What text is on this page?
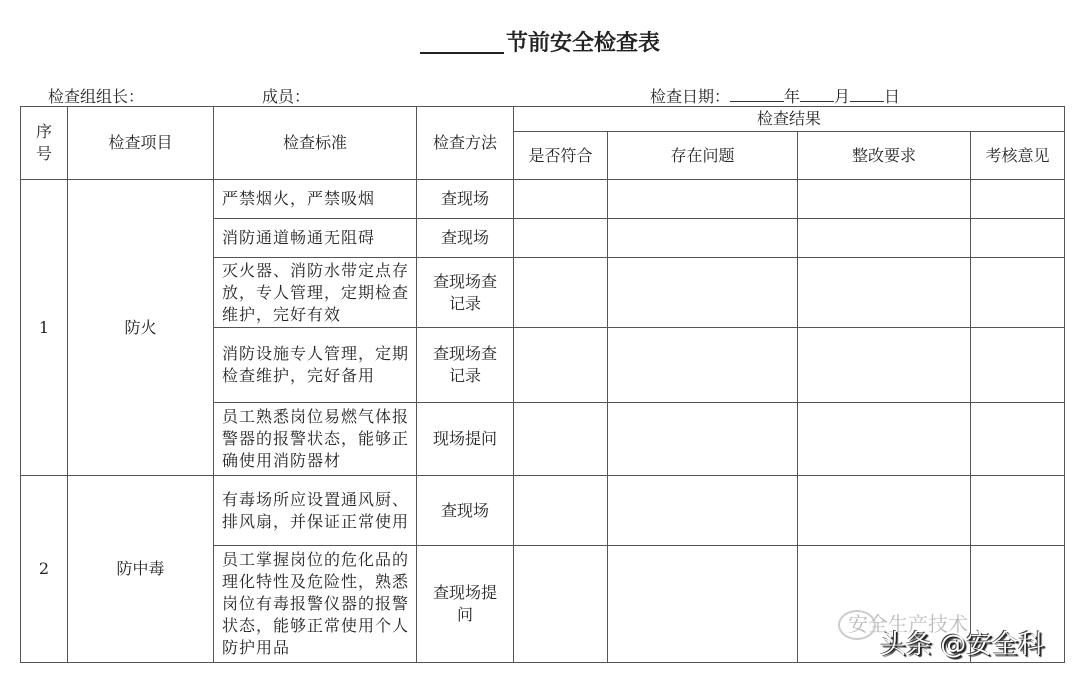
节前安全检查表
检查组组长：	成员：	检查日期：	年 月 日
序号	检查项目	检查标准	检查方法	检查结果			
				是否符合	存在问题	整改要求	考核意见
1	防火	严禁烟火，严禁吸烟	查现场				
		消防通道畅通无阻碍	查现场				
		灭火器、消防水带定点存放，专人管理，定期检查维护，完好有效	查现场查记录				
		消防设施专人管理，定期检查维护，完好备用	查现场查记录				
		员工熟悉岗位易燃气体报警器的报警状态，能够正确使用消防器材	现场提问				
2	防中毒	有毒场所应设置通风厨、排风扇，并保证正常使用	查现场				
		员工掌握岗位的危化品的理化特性及危险性，熟悉岗位有毒报警仪器的报警状态，能够正常使用个人防护用品	查现场提问					安全生产技术
头条 @安全科
